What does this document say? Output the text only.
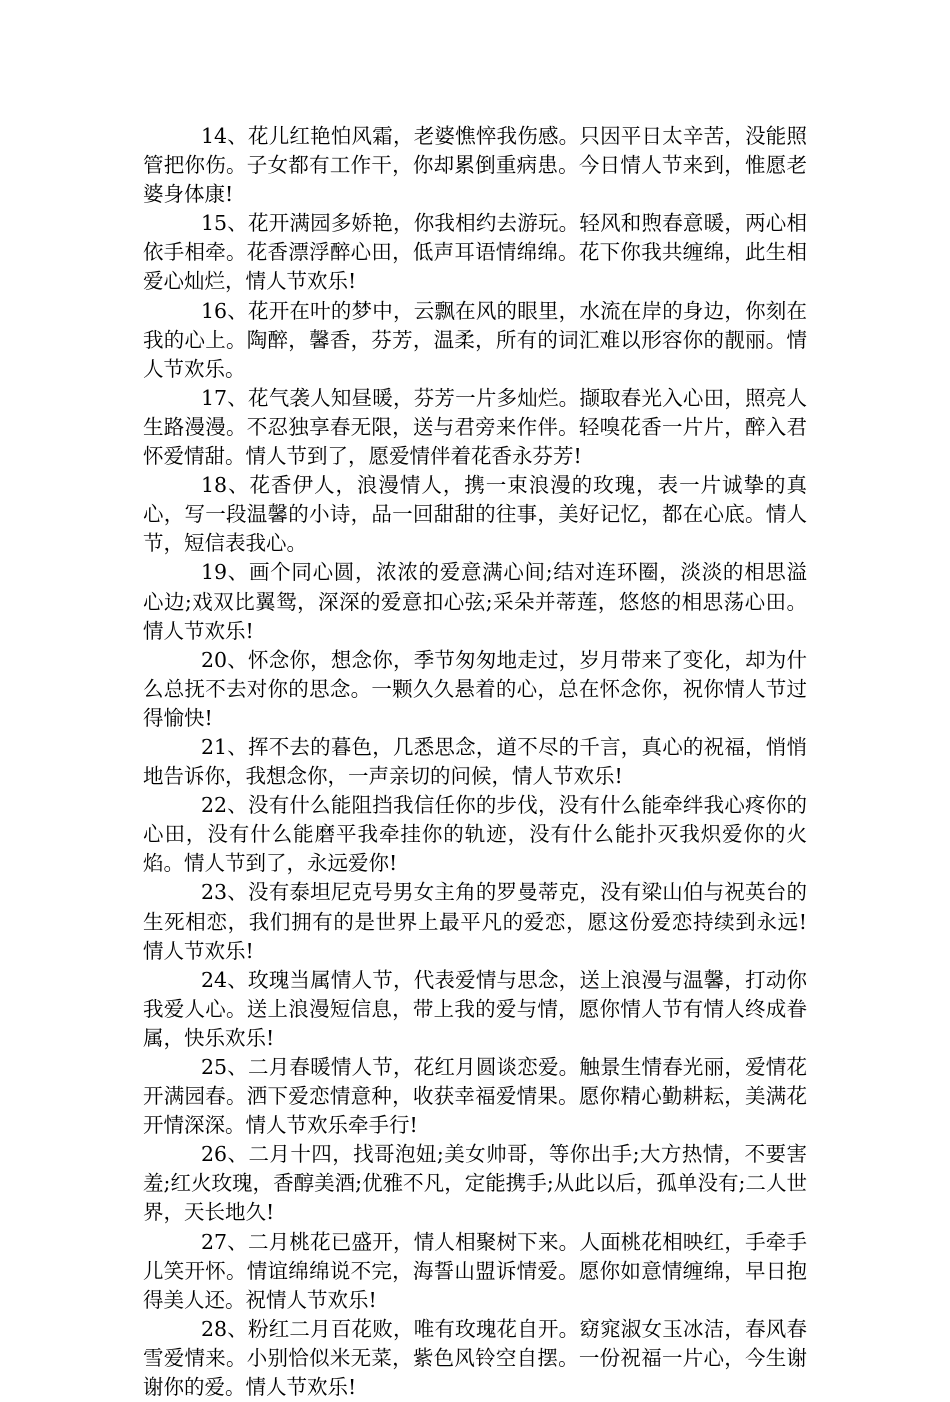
14、花儿红艳怕风霜，老婆憔悴我伤感。只因平日太辛苦，没能照管把你伤。子女都有工作干，你却累倒重病患。今日情人节来到，惟愿老婆身体康!

15、花开满园多娇艳，你我相约去游玩。轻风和煦春意暖，两心相依手相牵。花香漂浮醉心田，低声耳语情绵绵。花下你我共缠绵，此生相爱心灿烂，情人节欢乐!

16、花开在叶的梦中，云飘在风的眼里，水流在岸的身边，你刻在我的心上。陶醉，馨香，芬芳，温柔，所有的词汇难以形容你的靓丽。情人节欢乐。

17、花气袭人知昼暖，芬芳一片多灿烂。撷取春光入心田，照亮人生路漫漫。不忍独享春无限，送与君旁来作伴。轻嗅花香一片片，醉入君怀爱情甜。情人节到了，愿爱情伴着花香永芬芳!

18、花香伊人，浪漫情人，携一束浪漫的玫瑰，表一片诚挚的真心，写一段温馨的小诗，品一回甜甜的往事，美好记忆，都在心底。情人节，短信表我心。

19、画个同心圆，浓浓的爱意满心间;结对连环圈，淡淡的相思溢心边;戏双比翼鸳，深深的爱意扣心弦;采朵并蒂莲，悠悠的相思荡心田。情人节欢乐!

20、怀念你，想念你，季节匆匆地走过，岁月带来了变化，却为什么总抚不去对你的思念。一颗久久悬着的心，总在怀念你，祝你情人节过得愉快!

21、挥不去的暮色，几悉思念，道不尽的千言，真心的祝福，悄悄地告诉你，我想念你，一声亲切的问候，情人节欢乐!

22、没有什么能阻挡我信任你的步伐，没有什么能牵绊我心疼你的心田，没有什么能磨平我牵挂你的轨迹，没有什么能扑灭我炽爱你的火焰。情人节到了，永远爱你!

23、没有泰坦尼克号男女主角的罗曼蒂克，没有梁山伯与祝英台的生死相恋，我们拥有的是世界上最平凡的爱恋，愿这份爱恋持续到永远!情人节欢乐!

24、玫瑰当属情人节，代表爱情与思念，送上浪漫与温馨，打动你我爱人心。送上浪漫短信息，带上我的爱与情，愿你情人节有情人终成眷属，快乐欢乐!

25、二月春暖情人节，花红月圆谈恋爱。触景生情春光丽，爱情花开满园春。洒下爱恋情意种，收获幸福爱情果。愿你精心勤耕耘，美满花开情深深。情人节欢乐牵手行!

26、二月十四，找哥泡妞;美女帅哥，等你出手;大方热情，不要害羞;红火玫瑰，香醇美酒;优雅不凡，定能携手;从此以后，孤单没有;二人世界，天长地久!

27、二月桃花已盛开，情人相聚树下来。人面桃花相映红，手牵手儿笑开怀。情谊绵绵说不完，海誓山盟诉情爱。愿你如意情缠绵，早日抱得美人还。祝情人节欢乐!

28、粉红二月百花败，唯有玫瑰花自开。窈窕淑女玉冰洁，春风春雪爱情来。小别恰似米无菜，紫色风铃空自摆。一份祝福一片心，今生谢谢你的爱。情人节欢乐!
